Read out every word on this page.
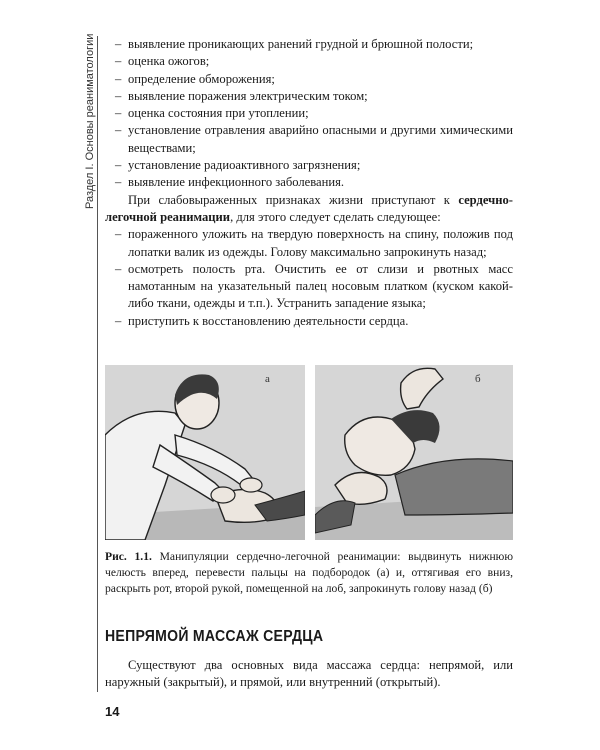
Раздел I. Основы реаниматологии – выявление проникающих ранений грудной и брюшной полости;
– оценка ожогов;
– определение обморожения;
– выявление поражения электрическим током;
– оценка состояния при утоплении;
– установление отравления аварийно опасными и другими химическими веществами;
– установление радиоактивного загрязнения;
– выявление инфекционного заболевания.

При слабовыраженных признаках жизни приступают к сердечно-легочной реанимации, для этого следует сделать следующее:

– пораженного уложить на твердую поверхность на спину, положив под лопатки валик из одежды. Голову максимально запрокинуть назад;
– осмотреть полость рта. Очистить ее от слизи и рвотных масс намотанным на указательный палец носовым платком (куском какой-либо ткани, одежды и т.п.). Устранить западение языка;
– приступить к восстановлению деятельности сердца.
а	б
Рис. 1.1. Манипуляции сердечно-легочной реанимации: выдвинуть нижнюю челюсть вперед, перевести пальцы на подбородок (а) и, оттягивая его вниз, раскрыть рот, второй рукой, помещенной на лоб, запрокинуть голову назад (б)
НЕПРЯМОЙ МАССАЖ СЕРДЦА

Существуют два основных вида массажа сердца: непрямой, или наружный (закрытый), и прямой, или внутренний (открытый).

14
